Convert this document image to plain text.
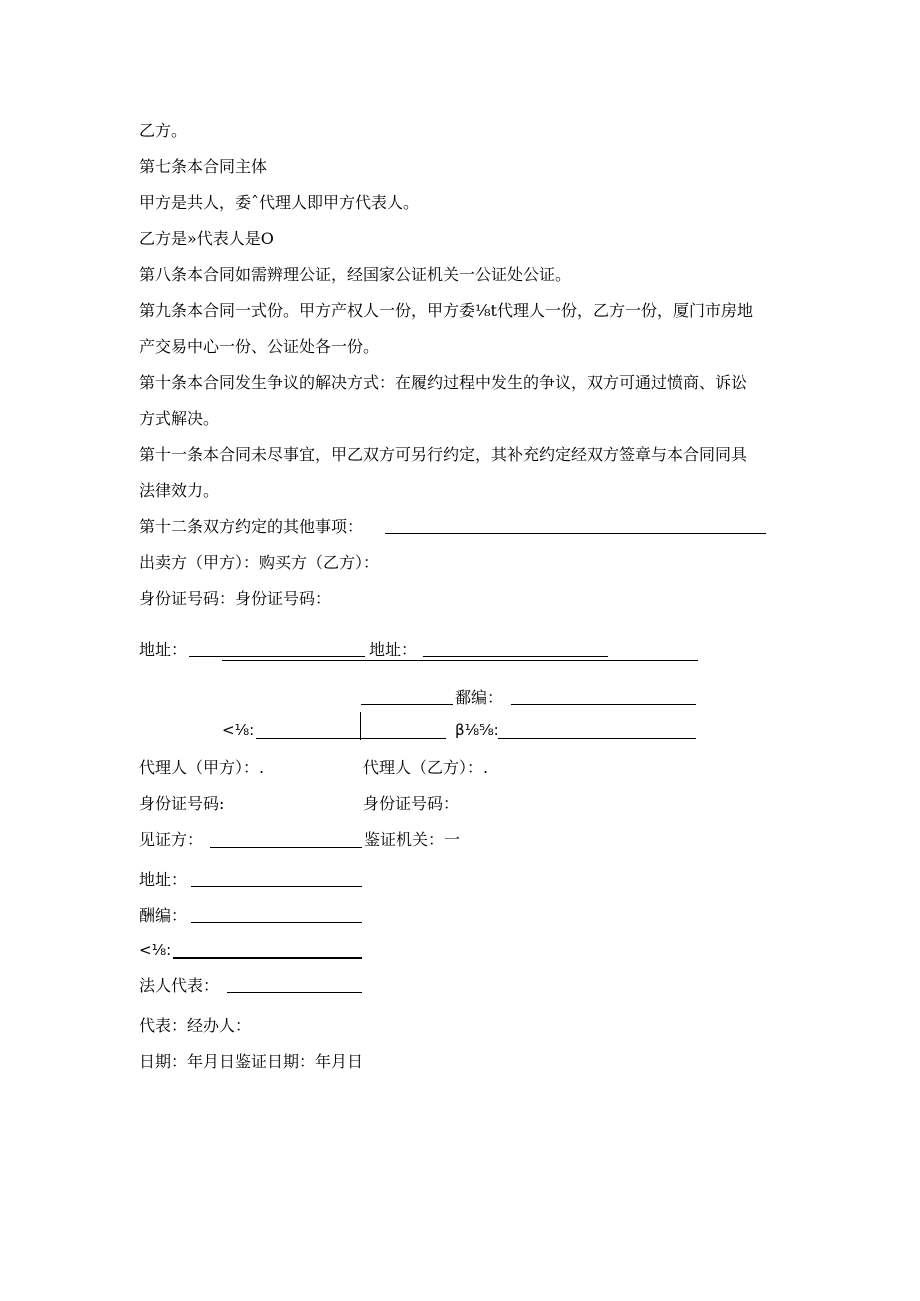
乙方。
第七条本合同主体
甲方是共人，委ˆ代理人即甲方代表人。
乙方是»代表人是O
第八条本合同如需辨理公证，经国家公证机关一公证处公证。
第九条本合同一式份。甲方产权人一份，甲方委⅛t代理人一份，乙方一份，厦门市房地
产交易中心一份、公证处各一份。
第十条本合同发生争议的解决方式：在履约过程中发生的争议，双方可通过愤商、诉讼
方式解决。
第十一条本合同未尽事宜，甲乙双方可另行约定，其补充约定经双方签章与本合同同具
法律效力。
第十二条双方约定的其他事项：
出卖方（甲方）：购买方（乙方）：
身份证号码：身份证号码：
地址：	地址：
鄱编：
<⅛:	β⅛⅝:
代理人（甲方）：.	代理人（乙方）：.
身份证号码:	身份证号码：
见证方：	鉴证机关：一
地址：
酬编：
<⅛:
法人代表：
代表：经办人：
日期：年月日鉴证日期：年月日
